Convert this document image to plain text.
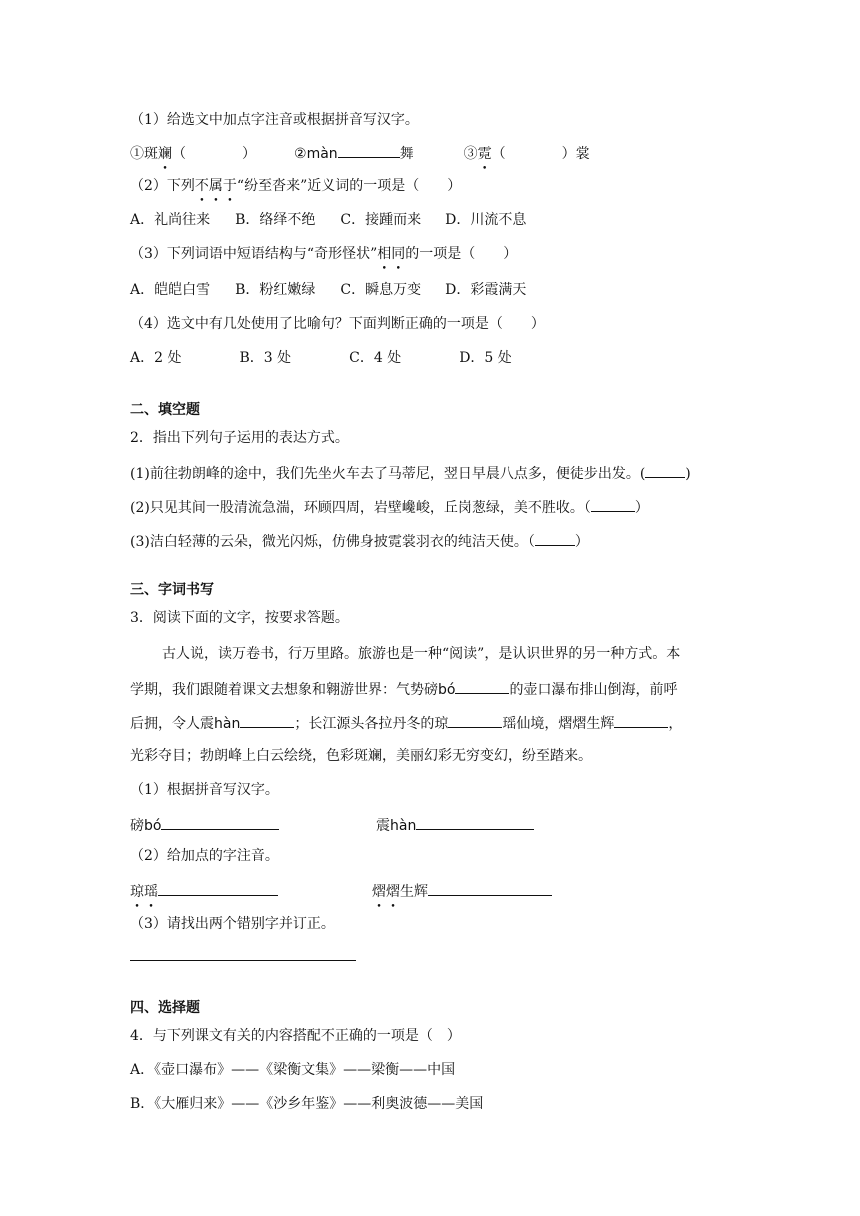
（1）给选文中加点字注音或根据拼音写汉字。
①斑斓（　　　　）	②màn	舞	③霓（　　　　）裳
（2）下列不属于“纷至沓来”近义词的一项是（　　）
A．礼尚往来 B．络绎不绝 C．接踵而来 D．川流不息
（3）下列词语中短语结构与“奇形怪状”相同的一项是（　　）
A．皑皑白雪 B．粉红嫩绿 C．瞬息万变 D．彩霞满天
（4）选文中有几处使用了比喻句？下面判断正确的一项是（　　）
A．2 处	B．3 处	C．4 处	D．5 处
二、填空题
2．指出下列句子运用的表达方式。
(1)前往勃朗峰的途中，我们先坐火车去了马蒂尼，翌日早晨八点多，便徒步出发。(	)
(2)只见其间一股清流急湍，环顾四周，岩壁巉峻，丘岗葱绿，美不胜收。（	）
(3)洁白轻薄的云朵，微光闪烁，仿佛身披霓裳羽衣的纯洁天使。（	）
三、字词书写
3．阅读下面的文字，按要求答题。
古人说，读万卷书，行万里路。旅游也是一种“阅读”，是认识世界的另一种方式。本
学期，我们跟随着课文去想象和翱游世界：气势磅bó	的壶口瀑布排山倒海，前呼
后拥，令人震hàn	；长江源头各拉丹冬的琼	瑶仙境，熠熠生辉	，
光彩夺目；勃朗峰上白云绘绕，色彩斑斓，美丽幻彩无穷变幻，纷至踏来。
（1）根据拼音写汉字。
磅bó	震hàn
（2）给加点的字注音。
琼瑶	熠熠生辉
（3）请找出两个错别字并订正。
四、选择题
4．与下列课文有关的内容搭配不正确的一项是（　）
A．《壶口瀑布》——《梁衡文集》——梁衡——中国
B．《大雁归来》——《沙乡年鉴》——利奥波德——美国
